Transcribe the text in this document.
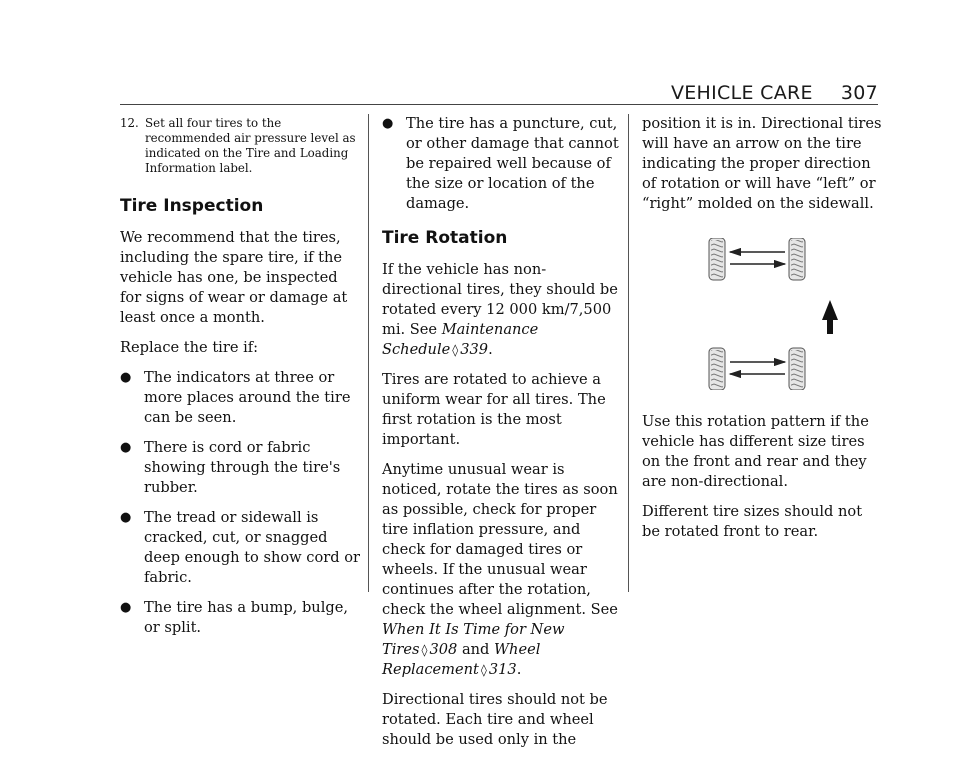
VEHICLE CARE 307
12. Set all four tires to the recommended air pressure level as indicated on the Tire and Loading Information label.
Tire Inspection

We recommend that the tires, including the spare tire, if the vehicle has one, be inspected for signs of wear or damage at least once a month.

Replace the tire if:

● The indicators at three or more places around the tire can be seen.
● There is cord or fabric showing through the tire's rubber.
● The tread or sidewall is cracked, cut, or snagged deep enough to show cord or fabric.
● The tire has a bump, bulge, or split.
● The tire has a puncture, cut, or other damage that cannot be repaired well because of the size or location of the damage.
Tire Rotation

If the vehicle has non-directional tires, they should be rotated every 12 000 km/7,500 mi. See Maintenance Schedule ◊ 339.

Tires are rotated to achieve a uniform wear for all tires. The first rotation is the most important.

Anytime unusual wear is noticed, rotate the tires as soon as possible, check for proper tire inflation pressure, and check for damaged tires or wheels. If the unusual wear continues after the rotation, check the wheel alignment. See When It Is Time for New Tires ◊ 308 and Wheel Replacement ◊ 313.

Directional tires should not be rotated. Each tire and wheel should be used only in the

position it is in. Directional tires will have an arrow on the tire indicating the proper direction of rotation or will have “left” or “right” molded on the sidewall.

Use this rotation pattern if the vehicle has different size tires on the front and rear and they are non-directional.

Different tire sizes should not be rotated front to rear.
